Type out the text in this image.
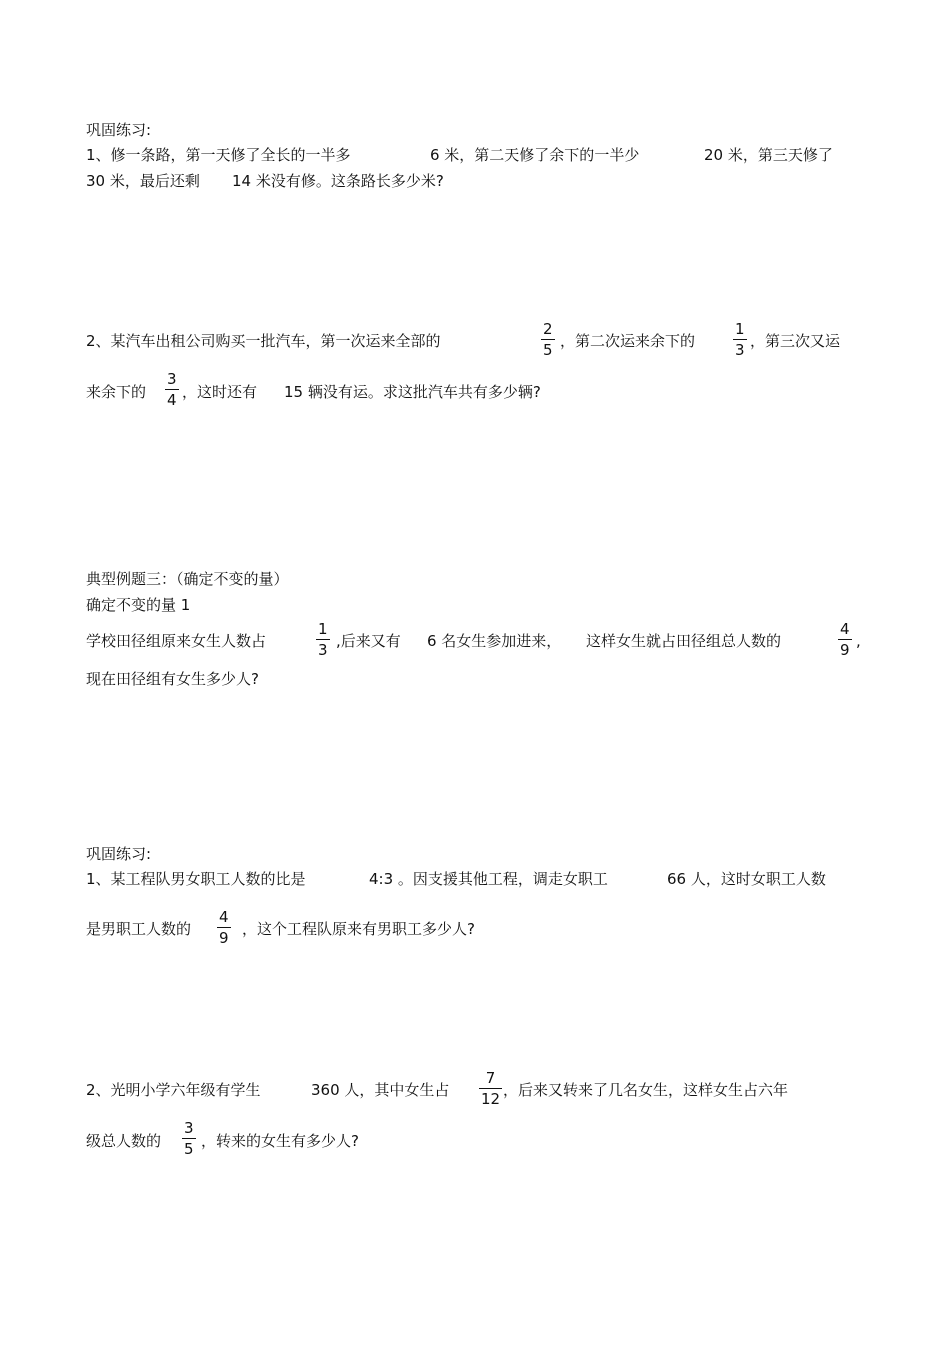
巩固练习:
1、修一条路，第一天修了全长的一半多	6 米，第二天修了余下的一半少	20 米，第三天修了
30 米，最后还剩 14 米没有修。这条路长多少米?
2、某汽车出租公司购买一批汽车，第一次运来全部的
2
5 ，第二次运来余下的
1
3 ，第三次又运
来余下的
3
4 ，这时还有 15 辆没有运。求这批汽车共有多少辆?
典型例题三：（确定不变的量）
确定不变的量 1
学校田径组原来女生人数占
1
3 ,后来又有 6 名女生参加进来， 这样女生就占田径组总人数的
4
9 ,
现在田径组有女生多少人?
巩固练习:
1、某工程队男女职工人数的比是	4:3 。因支援其他工程，调走女职工	66 人，这时女职工人数
是男职工人数的
4
9 ，这个工程队原来有男职工多少人?
2、光明小学六年级有学生	360 人，其中女生占
7
12 ，后来又转来了几名女生，这样女生占六年
级总人数的
3
5 ，转来的女生有多少人?
